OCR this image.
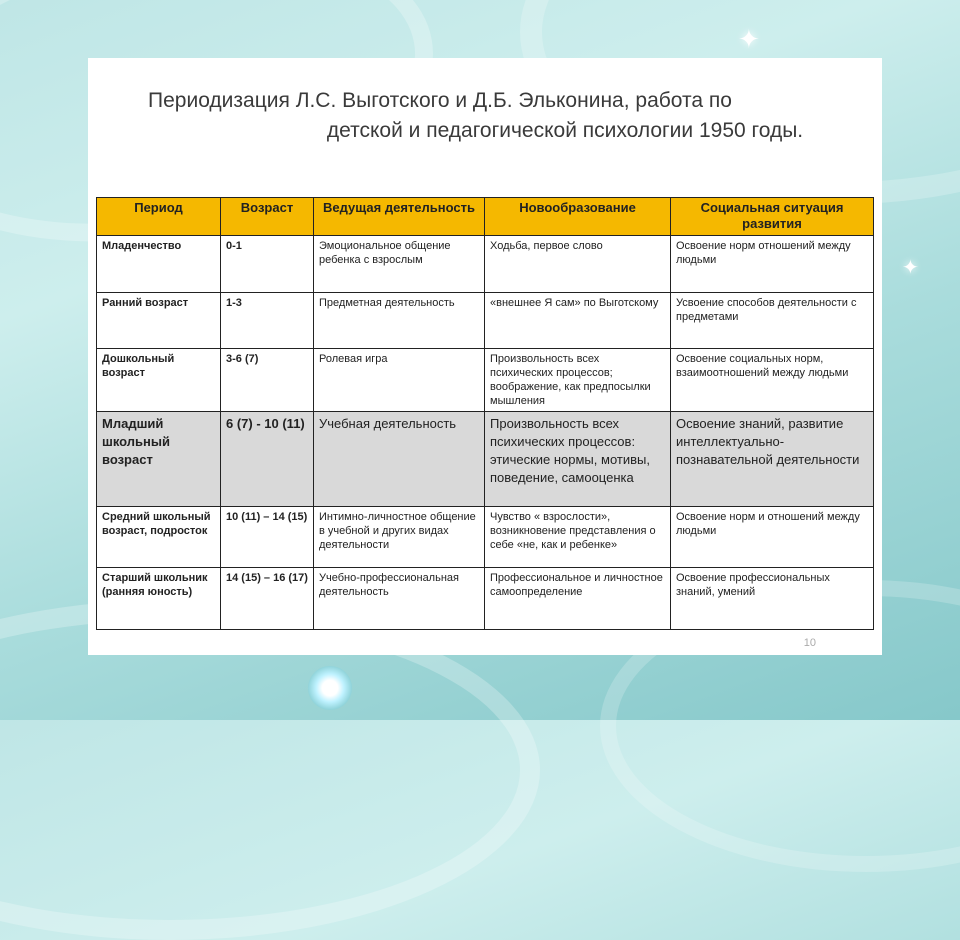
✦
✦
Периодизация Л.С. Выготского и Д.Б. Эльконина, работа по
детской и педагогической психологии 1950 годы.
Период	Возраст	Ведущая деятельность	Новообразование	Социальная ситуация развития
Младенчество	0-1	Эмоциональное общение ребенка с взрослым	Ходьба, первое слово	Освоение норм отношений между людьми
Ранний возраст	1-3	Предметная деятельность	«внешнее Я сам» по Выготскому	Усвоение способов деятельности с предметами
Дошкольный возраст	3-6 (7)	Ролевая игра	Произвольность всех психических процессов; воображение, как предпосылки мышления	Освоение социальных норм, взаимоотношений между людьми
Младший школьный возраст	6 (7) - 10 (11)	Учебная деятельность	Произвольность всех психических процессов: этические нормы, мотивы, поведение, самооценка	Освоение знаний, развитие интеллектуально-познавательной деятельности
Средний школьный возраст, подросток	10 (11) – 14 (15)	Интимно-личностное общение в учебной и других видах деятельности	Чувство « взрослости», возникновение представления о себе «не, как и ребенке»	Освоение норм и отношений между людьми
Старший школьник (ранняя юность)	14 (15) – 16 (17)	Учебно-профессиональная деятельность	Профессиональное и личностное самоопределение	Освоение профессиональных знаний, умений
10
